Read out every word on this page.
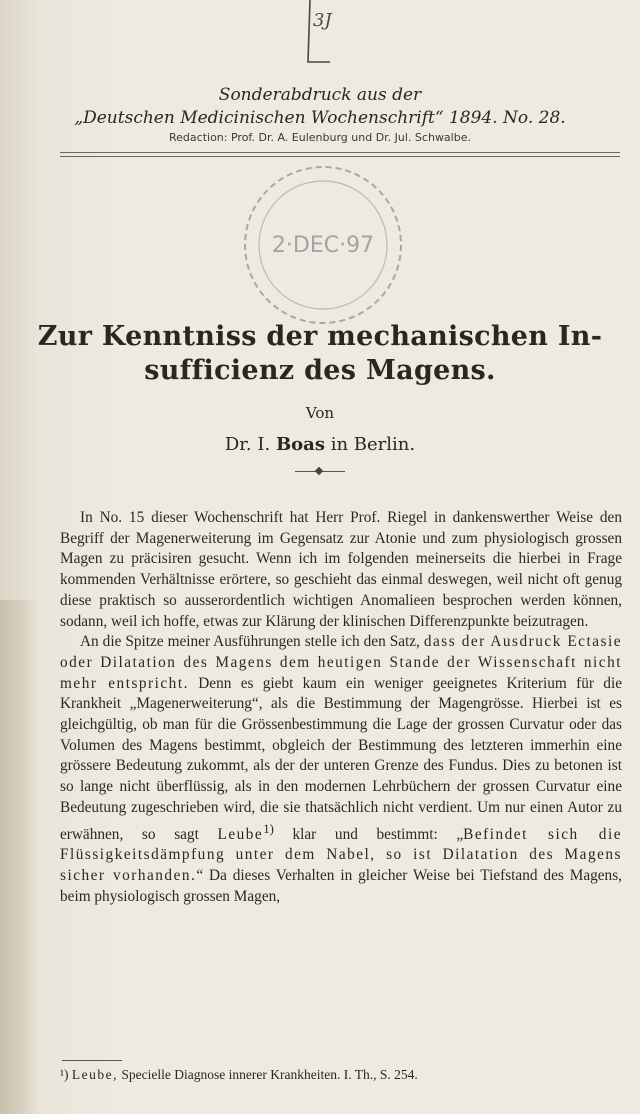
3J
Sonderabdruck aus der
„Deutschen Medicinischen Wochenschrift“ 1894. No. 28.
Redaction: Prof. Dr. A. Eulenburg und Dr. Jul. Schwalbe.
2·DEC·97
Zur Kenntniss der mechanischen In-
sufficienz des Magens.
Von
Dr. I. Boas in Berlin.

In No. 15 dieser Wochenschrift hat Herr Prof. Riegel in dankenswerther Weise den Begriff der Magenerweiterung im Gegensatz zur Atonie und zum physiologisch grossen Magen zu präcisiren gesucht. Wenn ich im folgenden meinerseits die hierbei in Frage kommenden Verhältnisse erörtere, so geschieht das einmal deswegen, weil nicht oft genug diese praktisch so ausserordentlich wichtigen Anomalieen besprochen werden können, sodann, weil ich hoffe, etwas zur Klärung der klinischen Differenzpunkte beizutragen.

An die Spitze meiner Ausführungen stelle ich den Satz, dass der Ausdruck Ectasie oder Dilatation des Magens dem heutigen Stande der Wissenschaft nicht mehr entspricht. Denn es giebt kaum ein weniger geeignetes Kriterium für die Krankheit „Magenerweiterung“, als die Bestimmung der Magengrösse. Hierbei ist es gleichgültig, ob man für die Grössenbestimmung die Lage der grossen Curvatur oder das Volumen des Magens bestimmt, obgleich der Bestimmung des letzteren immerhin eine grössere Bedeutung zukommt, als der der unteren Grenze des Fundus. Dies zu betonen ist so lange nicht überflüssig, als in den modernen Lehrbüchern der grossen Curvatur eine Bedeutung zugeschrieben wird, die sie thatsächlich nicht verdient. Um nur einen Autor zu erwähnen, so sagt Leube$^{1)}$ klar und bestimmt: „Befindet sich die Flüssigkeitsdämpfung unter dem Nabel, so ist Dilatation des Magens sicher vorhanden.“ Da dieses Verhalten in gleicher Weise bei Tiefstand des Magens, beim physiologisch grossen Magen,

¹) Leube, Specielle Diagnose innerer Krankheiten. I. Th., S. 254.
